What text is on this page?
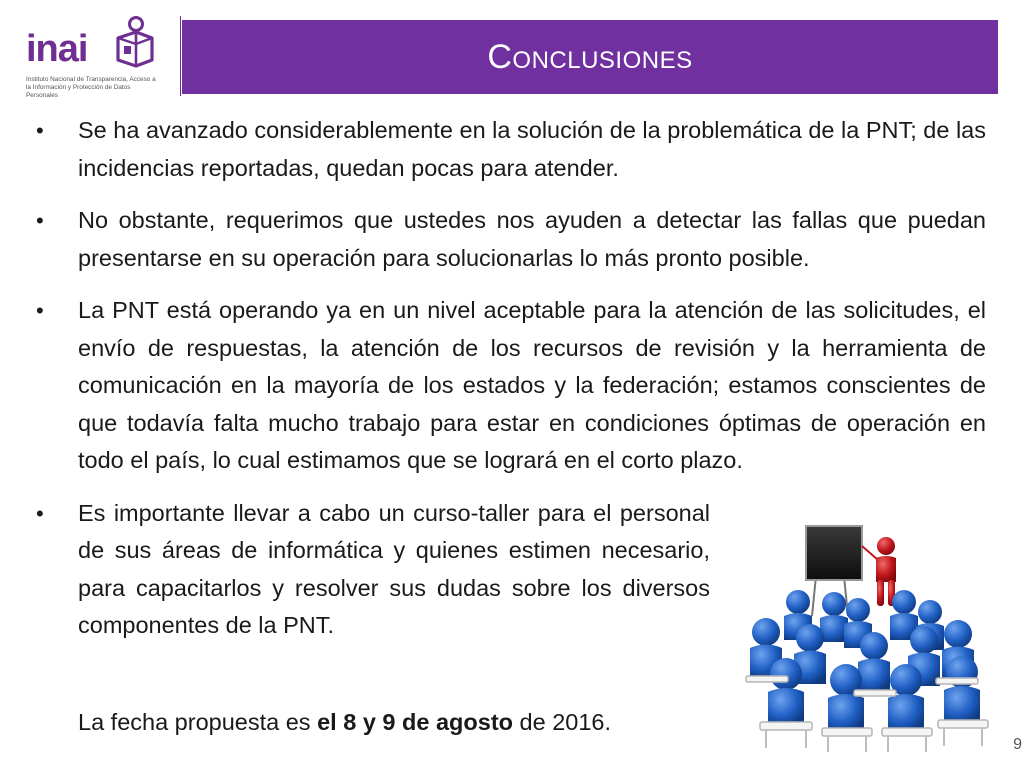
inai
Instituto Nacional de Transparencia, Acceso a la Información y Protección de Datos Personales
Conclusiones
• Se ha avanzado considerablemente en la solución de la problemática de la PNT; de las incidencias reportadas, quedan pocas para atender.
• No obstante, requerimos que ustedes nos ayuden a detectar las fallas que puedan presentarse en su operación para solucionarlas lo más pronto posible.
• La PNT está operando ya en un nivel aceptable para la atención de las solicitudes, el envío de respuestas, la atención de los recursos de revisión y la herramienta de comunicación en la mayoría de los estados y la federación; estamos conscientes de que todavía falta mucho trabajo para estar en condiciones óptimas de operación en todo el país, lo cual estimamos que se logrará en el corto plazo.
• Es importante llevar a cabo un curso-taller para el personal de sus áreas de informática y quienes estimen necesario, para capacitarlos y resolver sus dudas sobre los diversos componentes de la PNT.
La fecha propuesta es el 8 y 9 de agosto de 2016.
9
